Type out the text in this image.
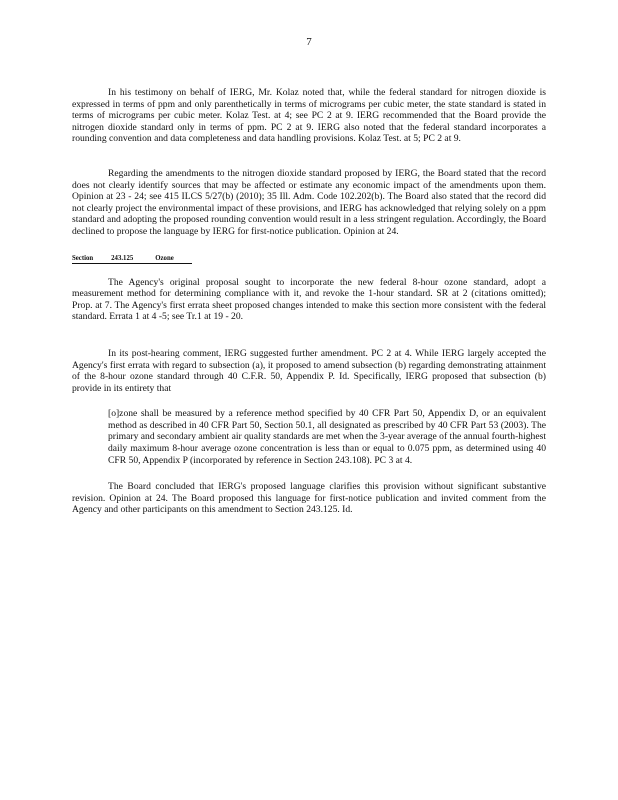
7

In his testimony on behalf of IERG, Mr. Kolaz noted that, while the federal standard for nitrogen dioxide is expressed in terms of ppm and only parenthetically in terms of micrograms per cubic meter, the state standard is stated in terms of micrograms per cubic meter. Kolaz Test. at 4; see PC 2 at 9. IERG recommended that the Board provide the nitrogen dioxide standard only in terms of ppm. PC 2 at 9. IERG also noted that the federal standard incorporates a rounding convention and data completeness and data handling provisions. Kolaz Test. at 5; PC 2 at 9.

Regarding the amendments to the nitrogen dioxide standard proposed by IERG, the Board stated that the record does not clearly identify sources that may be affected or estimate any economic impact of the amendments upon them. Opinion at 23 - 24; see 415 ILCS 5/27(b) (2010); 35 Ill. Adm. Code 102.202(b). The Board also stated that the record did not clearly project the environmental impact of these provisions, and IERG has acknowledged that relying solely on a ppm standard and adopting the proposed rounding convention would result in a less stringent regulation. Accordingly, the Board declined to propose the language by IERG for first-notice publication. Opinion at 24.

Section	243.125	Ozone

The Agency's original proposal sought to incorporate the new federal 8-hour ozone standard, adopt a measurement method for determining compliance with it, and revoke the 1-hour standard. SR at 2 (citations omitted); Prop. at 7. The Agency's first errata sheet proposed changes intended to make this section more consistent with the federal standard. Errata 1 at 4 -5; see Tr.1 at 19 - 20.

In its post-hearing comment, IERG suggested further amendment. PC 2 at 4. While IERG largely accepted the Agency's first errata with regard to subsection (a), it proposed to amend subsection (b) regarding demonstrating attainment of the 8-hour ozone standard through 40 C.F.R. 50, Appendix P. Id. Specifically, IERG proposed that subsection (b) provide in its entirety that

[o]zone shall be measured by a reference method specified by 40 CFR Part 50, Appendix D, or an equivalent method as described in 40 CFR Part 50, Section 50.1, all designated as prescribed by 40 CFR Part 53 (2003). The primary and secondary ambient air quality standards are met when the 3-year average of the annual fourth-highest daily maximum 8-hour average ozone concentration is less than or equal to 0.075 ppm, as determined using 40 CFR 50, Appendix P (incorporated by reference in Section 243.108). PC 3 at 4.

The Board concluded that IERG's proposed language clarifies this provision without significant substantive revision. Opinion at 24. The Board proposed this language for first-notice publication and invited comment from the Agency and other participants on this amendment to Section 243.125. Id.
